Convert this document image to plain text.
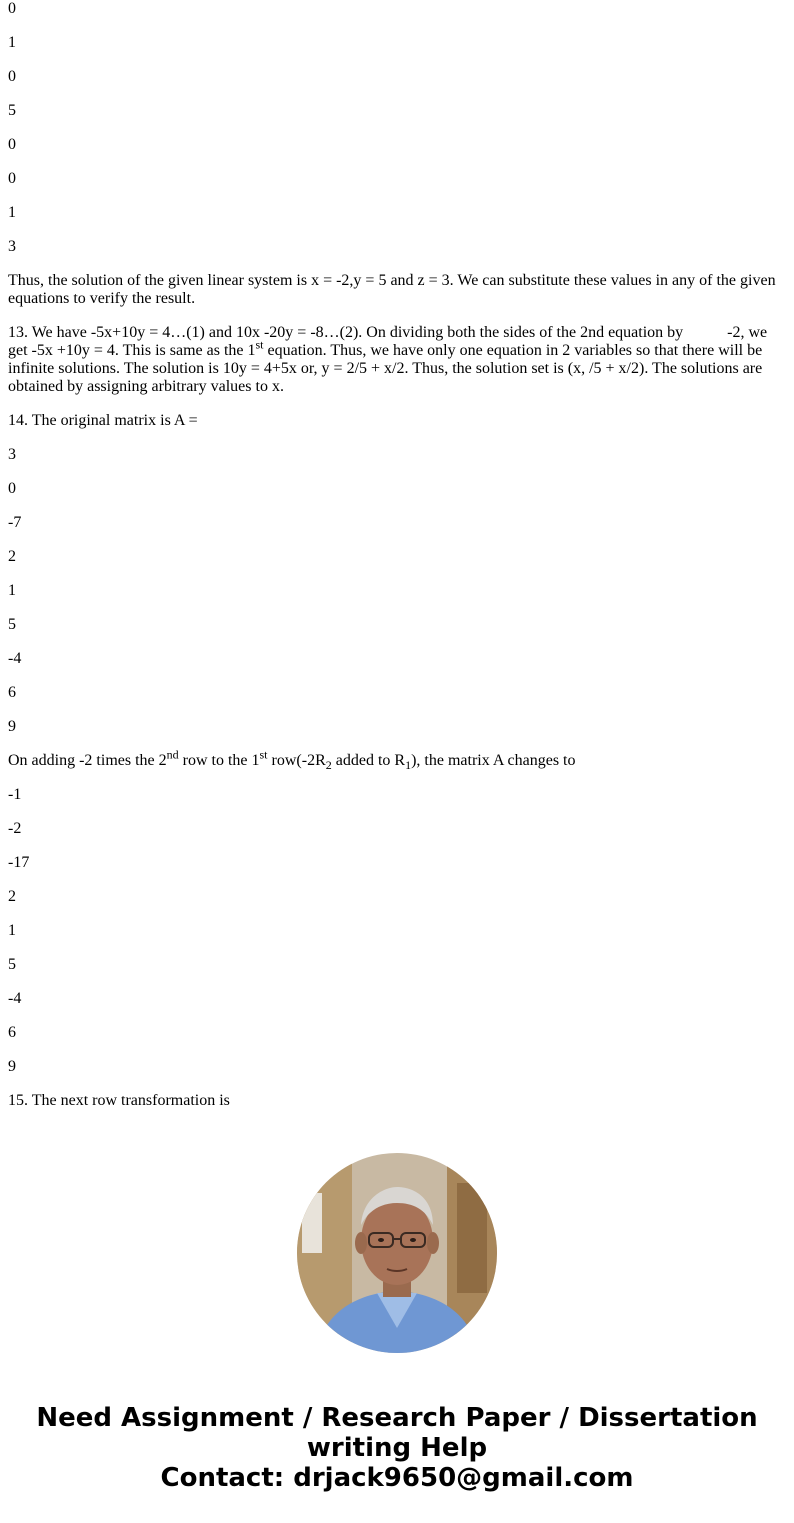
0
1
0
5
0
0
1
3

Thus, the solution of the given linear system is x = -2,y = 5 and z = 3. We can substitute these values in any of the given equations to verify the result.

13. We have -5x+10y = 4…(1) and 10x -20y = -8…(2). On dividing both the sides of the 2nd equation by	-2, we get -5x +10y = 4. This is same as the 1st equation. Thus, we have only one equation in 2 variables so that there will be infinite solutions. The solution is 10y = 4+5x or, y = 2/5 + x/2. Thus, the solution set is (x, /5 + x/2). The solutions are obtained by assigning arbitrary values to x.

14. The original matrix is A =

3
0
-7
2
1
5
-4
6
9

On adding -2 times the 2nd row to the 1st $row(-2R_2$ added to $R_1$), the matrix A changes to

-1
-2
-17
2
1
5
-4
6
9

15. The next row transformation is

Need Assignment / Research Paper / Dissertation
writing Help
Contact: drjack9650@gmail.com
